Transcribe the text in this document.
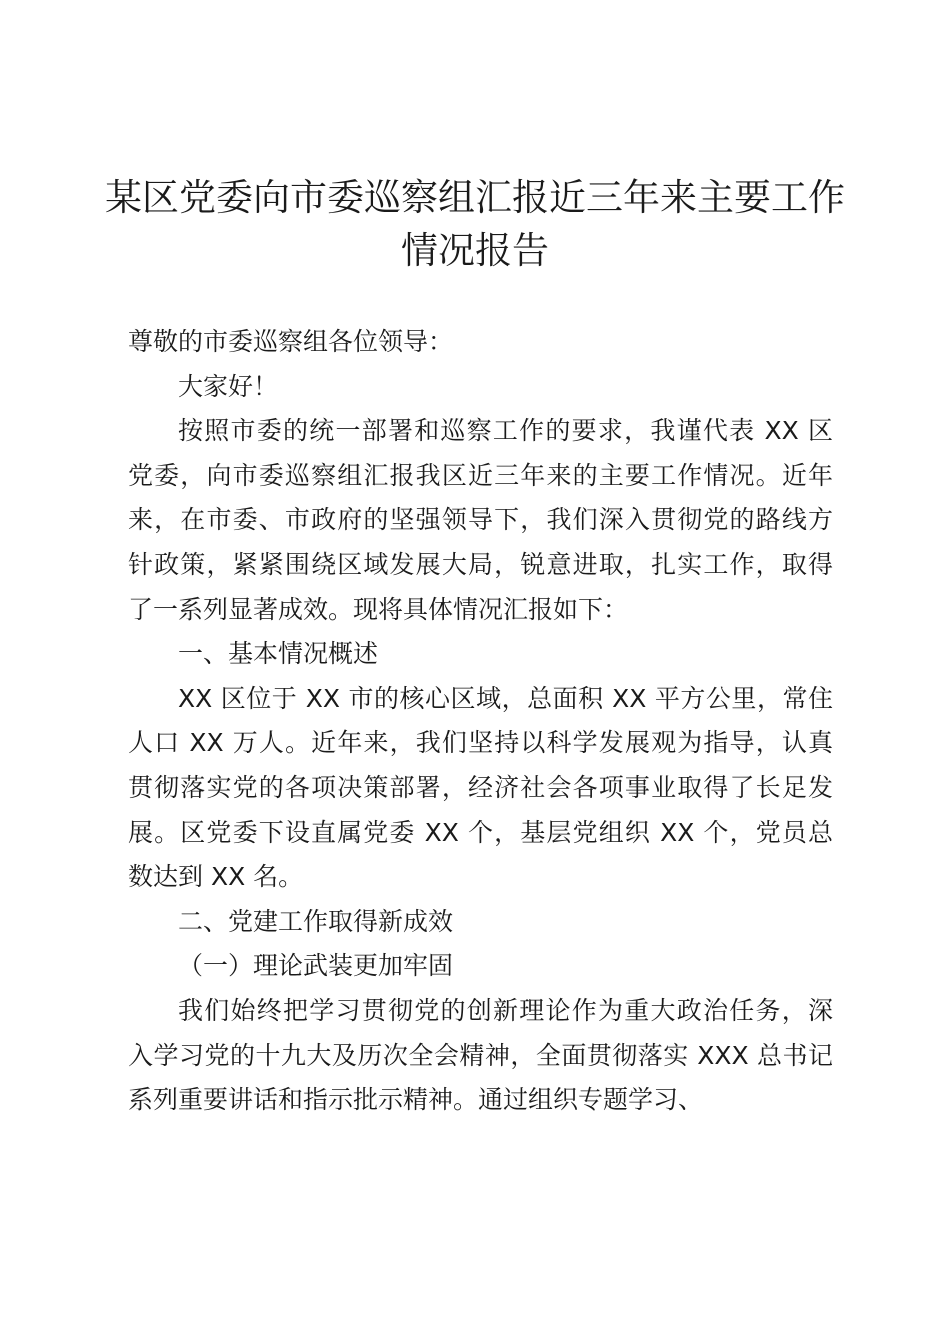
某区党委向市委巡察组汇报近三年来主要工作
情况报告

尊敬的市委巡察组各位领导：

大家好！

按照市委的统一部署和巡察工作的要求，我谨代表 XX 区
党委，向市委巡察组汇报我区近三年来的主要工作情况。近年
来，在市委、市政府的坚强领导下，我们深入贯彻党的路线方
针政策，紧紧围绕区域发展大局，锐意进取，扎实工作，取得
了一系列显著成效。现将具体情况汇报如下：

一、基本情况概述

XX 区位于 XX 市的核心区域，总面积 XX 平方公里，常住
人口 XX 万人。近年来，我们坚持以科学发展观为指导，认真
贯彻落实党的各项决策部署，经济社会各项事业取得了长足发
展。区党委下设直属党委 XX 个，基层党组织 XX 个，党员总
数达到 XX 名。

二、党建工作取得新成效

（一）理论武装更加牢固

我们始终把学习贯彻党的创新理论作为重大政治任务，深
入学习党的十九大及历次全会精神，全面贯彻落实 XXX 总书记
系列重要讲话和指示批示精神。通过组织专题学习、
